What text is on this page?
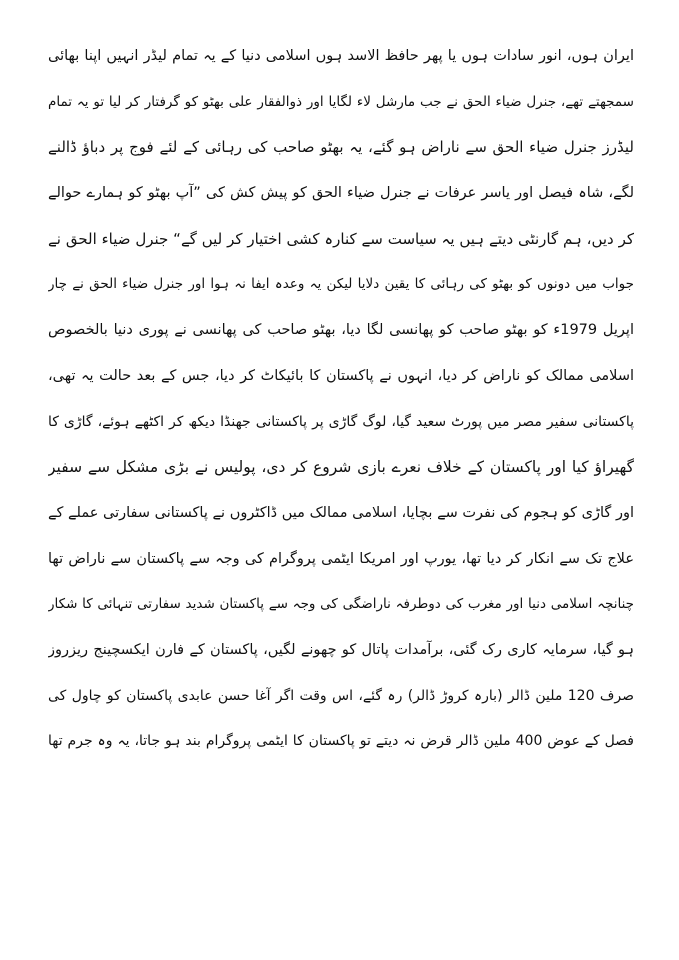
ایران ہوں، انور سادات ہوں یا پھر حافظ الاسد ہوں اسلامی دنیا کے یہ تمام لیڈر انہیں اپنا بھائی
سمجھتے تھے، جنرل ضیاء الحق نے جب مارشل لاء لگایا اور ذوالفقار علی بھٹو کو گرفتار کر لیا تو یہ تمام
لیڈرز جنرل ضیاء الحق سے ناراض ہو گئے، یہ بھٹو صاحب کی رہائی کے لئے فوج پر دباؤ ڈالنے
لگے، شاہ فیصل اور یاسر عرفات نے جنرل ضیاء الحق کو پیش کش کی ”آپ بھٹو کو ہمارے حوالے
کر دیں، ہم گارنٹی دیتے ہیں یہ سیاست سے کنارہ کشی اختیار کر لیں گے“ جنرل ضیاء الحق نے
جواب میں دونوں کو بھٹو کی رہائی کا یقین دلایا لیکن یہ وعدہ ایفا نہ ہوا اور جنرل ضیاء الحق نے چار
اپریل 1979ء کو بھٹو صاحب کو پھانسی لگا دیا، بھٹو صاحب کی پھانسی نے پوری دنیا بالخصوص
اسلامی ممالک کو ناراض کر دیا، انہوں نے پاکستان کا بائیکاٹ کر دیا، جس کے بعد حالت یہ تھی،
پاکستانی سفیر مصر میں پورٹ سعید گیا، لوگ گاڑی پر پاکستانی جھنڈا دیکھ کر اکٹھے ہوئے، گاڑی کا
گھیراؤ کیا اور پاکستان کے خلاف نعرے بازی شروع کر دی، پولیس نے بڑی مشکل سے سفیر
اور گاڑی کو ہجوم کی نفرت سے بچایا، اسلامی ممالک میں ڈاکٹروں نے پاکستانی سفارتی عملے کے
علاج تک سے انکار کر دیا تھا، یورپ اور امریکا ایٹمی پروگرام کی وجہ سے پاکستان سے ناراض تھا
چنانچہ اسلامی دنیا اور مغرب کی دوطرفہ ناراضگی کی وجہ سے پاکستان شدید سفارتی تنہائی کا شکار
ہو گیا، سرمایہ کاری رک گئی، برآمدات پاتال کو چھونے لگیں، پاکستان کے فارن ایکسچینج ریزروز
صرف 120 ملین ڈالر (بارہ کروڑ ڈالر) رہ گئے، اس وقت اگر آغا حسن عابدی پاکستان کو چاول کی
فصل کے عوض 400 ملین ڈالر قرض نہ دیتے تو پاکستان کا ایٹمی پروگرام بند ہو جاتا، یہ وہ جرم تھا
